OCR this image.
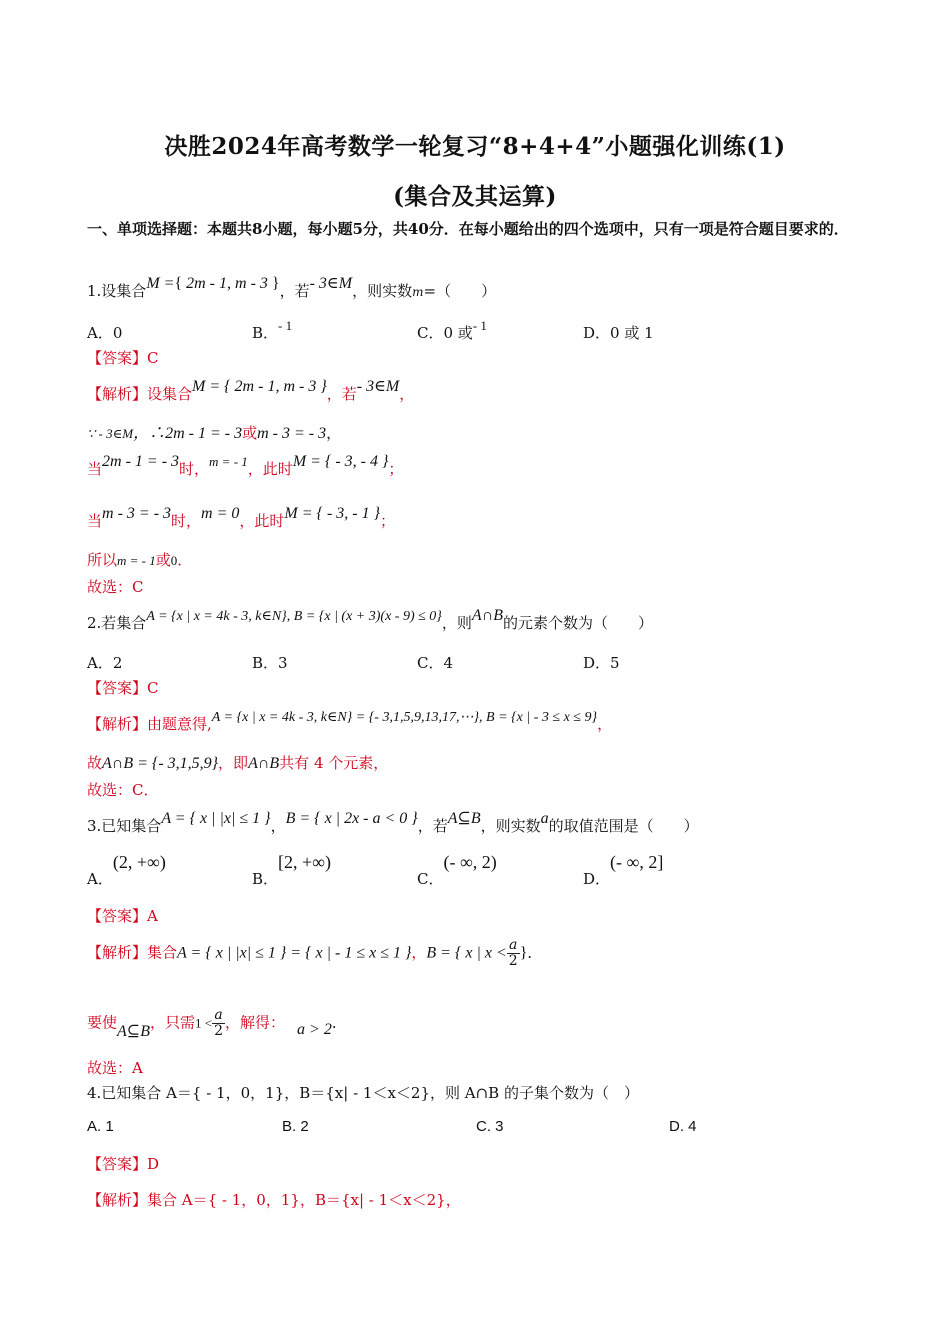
决胜2024年高考数学一轮复习“8+4+4”小题强化训练(1)
(集合及其运算)
一、单项选择题：本题共8小题，每小题5分，共40分．在每小题给出的四个选项中，只有一项是符合题目要求的．
1.设集合M ={ 2m - 1, m - 3 }，若- 3∈M，则实数m=（　　）
A．0	B．- 1	C．0 或- 1	D．0 或 1
【答案】C
【解析】设集合M = { 2m - 1, m - 3 }，若- 3∈M，
∵ - 3∈M，∴2m - 1 = - 3或m - 3 = - 3，
当2m - 1 = - 3时，m = - 1，此时M = { - 3, - 4 }；
当m - 3 = - 3时，m = 0，此时M = { - 3, - 1 }；
所以m = - 1或0．
故选：C
2.若集合A = {x | x = 4k - 3, k∈N}, B = {x | (x + 3)(x - 9) ≤ 0}，则A∩B的元素个数为（　　）
A．2	B．3	C．4	D．5
【答案】C
【解析】由题意得,A = {x | x = 4k - 3, k∈N} = {- 3,1,5,9,13,17,⋯}, B = {x | - 3 ≤ x ≤ 9}，
故A∩B = {- 3,1,5,9}，即A∩B共有 4 个元素，
故选：C．
3.已知集合A = { x | |x| ≤ 1 }，B = { x | 2x - a < 0 }，若A⊆B，则实数a的取值范围是（　　）
A．(2, +∞)
B．[2, +∞)
C．(- ∞, 2)
D．(- ∞, 2]
【答案】A
【解析】集合A = { x | |x| ≤ 1 } = { x | - 1 ≤ x ≤ 1 }，B = { x | $x < \frac{a}{2}$ }．
要使A⊆B，只需$1 < \frac{a}{2}$ ，解得： a > 2．
故选：A
4.已知集合 A＝{ - 1，0，1}，B＝{x| - 1＜x＜2}，则 A∩B 的子集个数为（　）
A. 1	B. 2	C. 3	D. 4
【答案】D
【解析】集合 A＝{ - 1，0，1}，B＝{x| - 1＜x＜2}，
